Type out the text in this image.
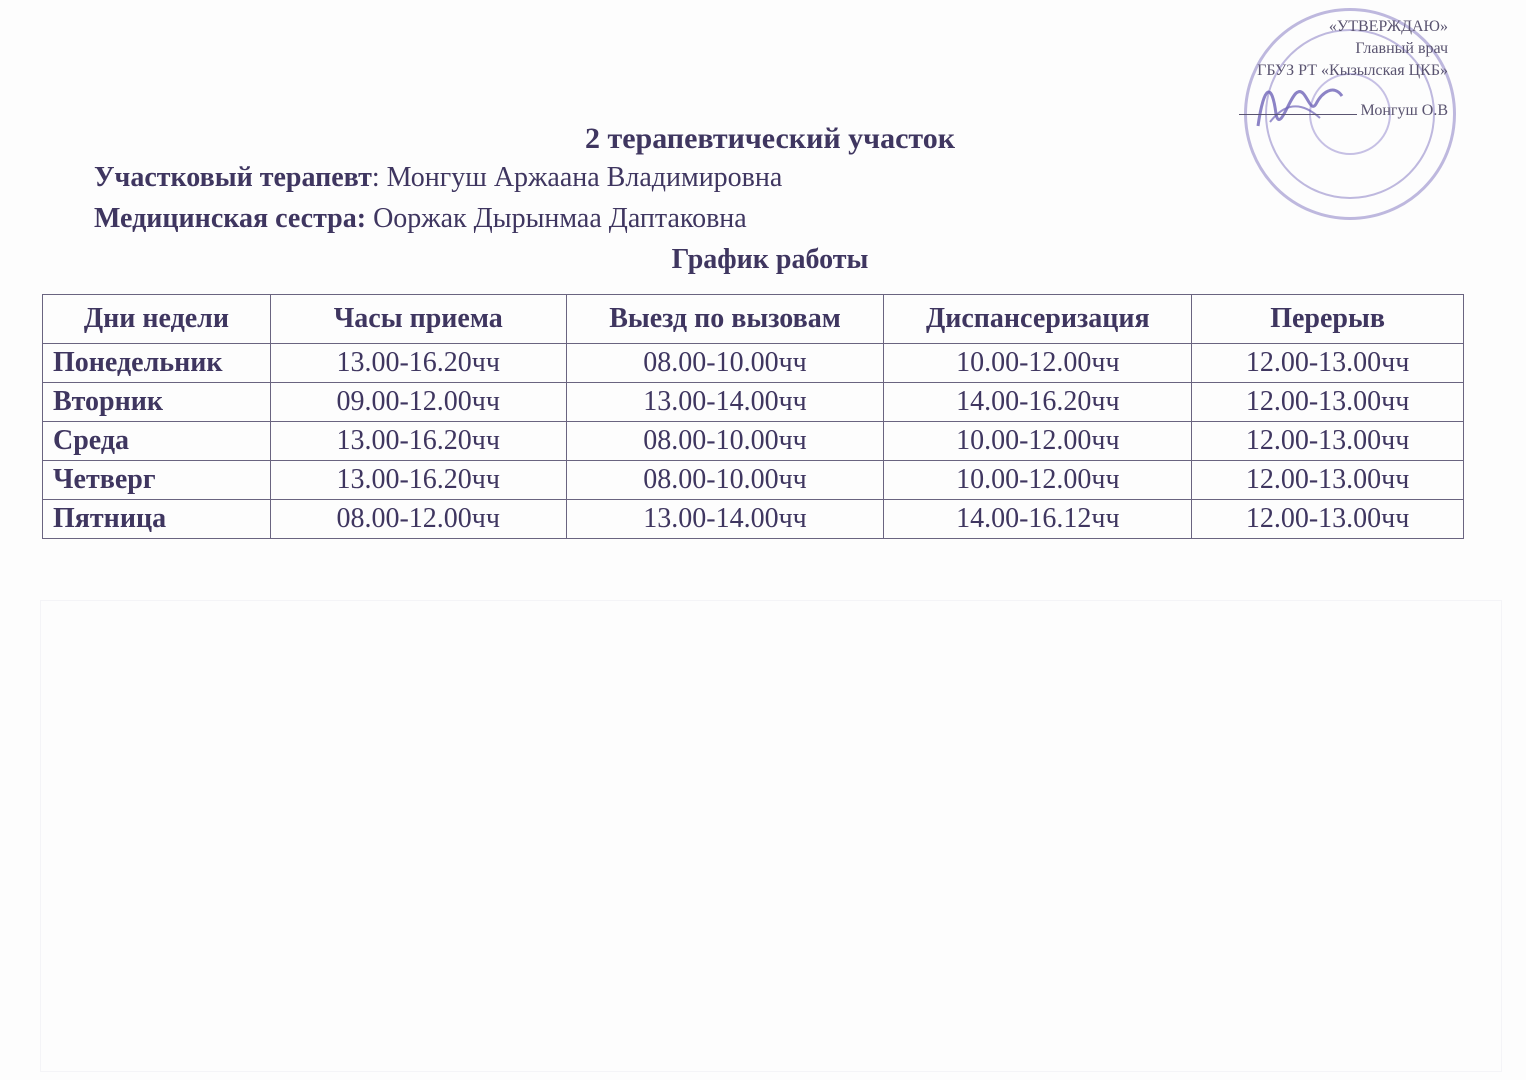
«УТВЕРЖДАЮ»
Главный врач
ГБУЗ РТ «Кызылская ЦКБ»
Монгуш О.В
2 терапевтический участок
Участковый терапевт: Монгуш Аржаана Владимировна
Медицинская сестра: Ооржак Дырынмаа Даптаковна
График работы
Дни недели	Часы приема	Выезд по вызовам	Диспансеризация	Перерыв
Понедельник	13.00-16.20чч	08.00-10.00чч	10.00-12.00чч	12.00-13.00чч
Вторник	09.00-12.00чч	13.00-14.00чч	14.00-16.20чч	12.00-13.00чч
Среда	13.00-16.20чч	08.00-10.00чч	10.00-12.00чч	12.00-13.00чч
Четверг	13.00-16.20чч	08.00-10.00чч	10.00-12.00чч	12.00-13.00чч
Пятница	08.00-12.00чч	13.00-14.00чч	14.00-16.12чч	12.00-13.00чч
